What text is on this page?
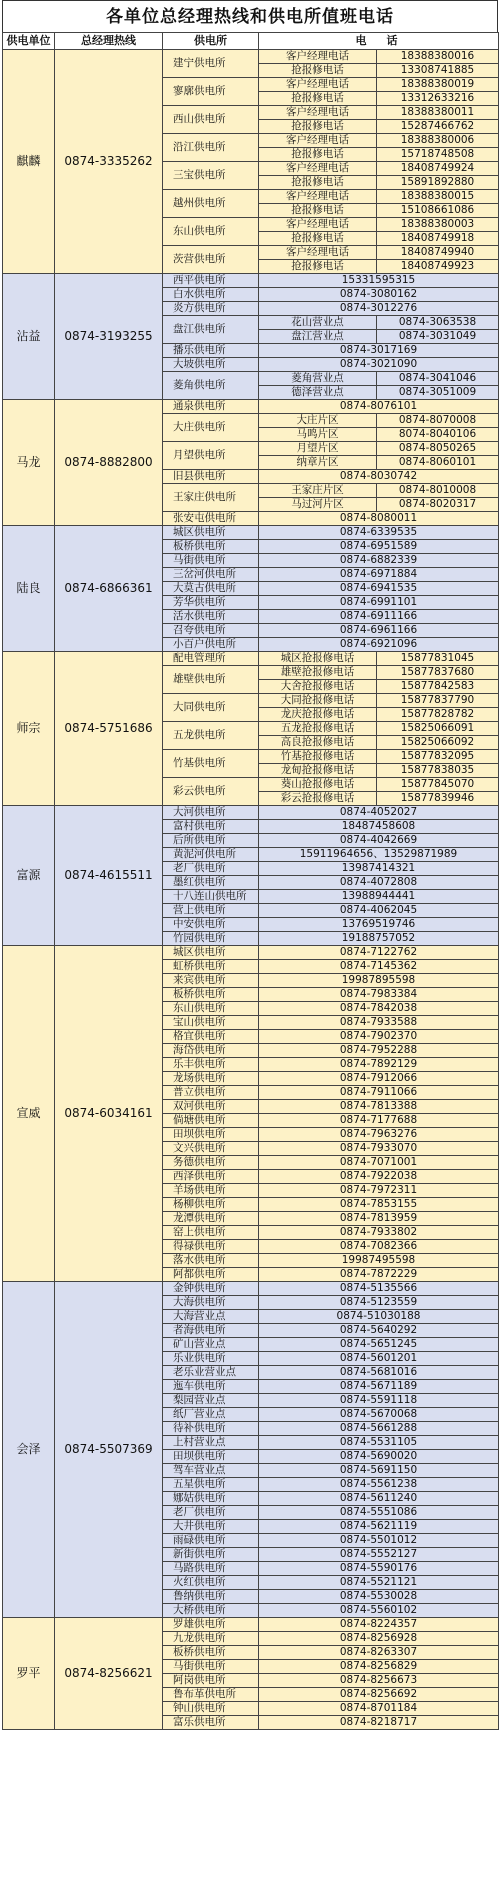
各单位总经理热线和供电所值班电话
供电单位	总经理热线	供电所	电	话
麒麟	0874-3335262	建宁供电所	客户经理电话	18388380016
			抢报修电话	13308741885
		寥廓供电所	客户经理电话	18388380019
			抢报修电话	13312633216
		西山供电所	客户经理电话	18388380011
			抢报修电话	15287466762
		沿江供电所	客户经理电话	18388380006
			抢报修电话	15718748508
		三宝供电所	客户经理电话	18408749924
			抢报修电话	15891892880
		越州供电所	客户经理电话	18388380015
			抢报修电话	15108661086
		东山供电所	客户经理电话	18388380003
			抢报修电话	18408749918
		茨营供电所	客户经理电话	18408749940
			抢报修电话	18408749923
沾益	0874-3193255	西平供电所	15331595315	
		白水供电所	0874-3080162	
		炎方供电所	0874-3012276	
		盘江供电所	花山营业点	0874-3063538
			盘江营业点	0874-3031049
		播乐供电所	0874-3017169	
		大坡供电所	0874-3021090	
		菱角供电所	菱角营业点	0874-3041046
			德泽营业点	0874-3051009
马龙	0874-8882800	通泉供电所	0874-8076101	
		大庄供电所	大庄片区	0874-8070008
			马鸣片区	8074-8040106
		月望供电所	月望片区	0874-8050265
			纳章片区	0874-8060101
		旧县供电所	0874-8030742	
		王家庄供电所	王家庄片区	0874-8010008
			马过河片区	0874-8020317
		张安屯供电所	0874-8080011	
陆良	0874-6866361	城区供电所	0874-6339535	
		板桥供电所	0874-6951589	
		马街供电所	0874-6882339	
		三岔河供电所	0874-6971884	
		大莫古供电所	0874-6941535	
		芳华供电所	0874-6991101	
		活水供电所	0874-6911166	
		召夸供电所	0874-6961166	
		小百户供电所	0874-6921096	
师宗	0874-5751686	配电管理所	城区抢报修电话	15877831045
		雄壁供电所	雄壁抢报修电话	15877837680
			大舍抢报修电话	15877842583
		大同供电所	大同抢报修电话	15877837790
			龙庆抢报修电话	15877828782
		五龙供电所	五龙抢报修电话	15825066091
			高良抢报修电话	15825066092
		竹基供电所	竹基抢报修电话	15877832095
			龙甸抢报修电话	15877838035
		彩云供电所	葵山抢报修电话	15877845070
			彩云抢报修电话	15877839946
富源	0874-4615511	大河供电所	0874-4052027	
		富村供电所	18487458608	
		后所供电所	0874-4042669	
		黄泥河供电所	15911964656、13529871989	
		老厂供电所	13987414321	
		墨红供电所	0874-4072808	
		十八连山供电所	13988944441	
		营上供电所	0874-4062045	
		中安供电所	13769519746	
		竹园供电所	19188757052	
宣威	0874-6034161	城区供电所	0874-7122762	
		虹桥供电所	0874-7145362	
		来宾供电所	19987895598	
		板桥供电所	0874-7983384	
		东山供电所	0874-7842038	
		宝山供电所	0874-7933588	
		格宜供电所	0874-7902370	
		海岱供电所	0874-7952288	
		乐丰供电所	0874-7892129	
		龙场供电所	0874-7912066	
		普立供电所	0874-7911066	
		双河供电所	0874-7813388	
		倘塘供电所	0874-7177688	
		田坝供电所	0874-7963276	
		文兴供电所	0874-7933070	
		务德供电所	0874-7071001	
		西泽供电所	0874-7922038	
		羊场供电所	0874-7972311	
		杨柳供电所	0874-7853155	
		龙潭供电所	0874-7813959	
		窑上供电所	0874-7933802	
		得禄供电所	0874-7082366	
		落水供电所	19987495598	
		阿都供电所	0874-7872229	
会泽	0874-5507369	金钟供电所	0874-5135566	
		大海供电所	0874-5123559	
		大海营业点	0874-51030188	
		者海供电所	0874-5640292	
		矿山营业点	0874-5651245	
		乐业供电所	0874-5601201	
		老乐业营业点	0874-5681016	
		迤车供电所	0874-5671189	
		梨园营业点	0874-5591118	
		纸厂营业点	0874-5670068	
		待补供电所	0874-5661288	
		上村营业点	0874-5531105	
		田坝供电所	0874-5690020	
		驾车营业点	0874-5691150	
		五星供电所	0874-5561238	
		娜姑供电所	0874-5611240	
		老厂供电所	0874-5551086	
		大井供电所	0874-5621119	
		雨碌供电所	0874-5501012	
		新街供电所	0874-5552127	
		马路供电所	0874-5590176	
		火红供电所	0874-5521121	
		鲁纳供电所	0874-5530028	
		大桥供电所	0874-5560102	
罗平	0874-8256621	罗雄供电所	0874-8224357	
		九龙供电所	0874-8256928	
		板桥供电所	0874-8263307	
		马街供电所	0874-8256829	
		阿岗供电所	0874-8256673	
		鲁布革供电所	0874-8256692	
		钟山供电所	0874-8701184	
		富乐供电所	0874-8218717	
